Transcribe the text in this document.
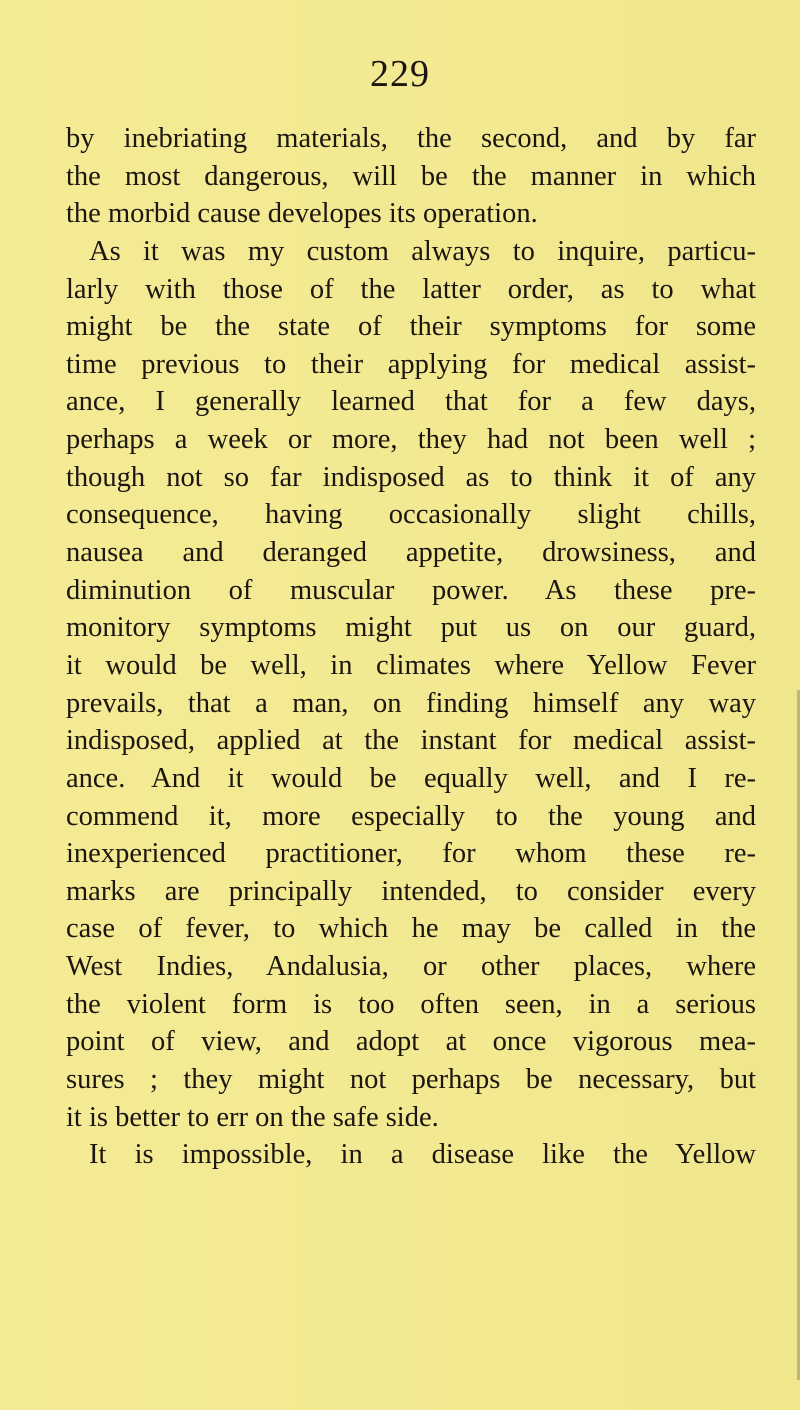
229
by inebriating materials, the second, and by far
the most dangerous, will be the manner in which
the morbid cause developes its operation.
As it was my custom always to inquire, particu-
larly with those of the latter order, as to what
might be the state of their symptoms for some
time previous to their applying for medical assist-
ance, I generally learned that for a few days,
perhaps a week or more, they had not been well ;
though not so far indisposed as to think it of any
consequence, having occasionally slight chills,
nausea and deranged appetite, drowsiness, and
diminution of muscular power. As these pre-
monitory symptoms might put us on our guard,
it would be well, in climates where Yellow Fever
prevails, that a man, on finding himself any way
indisposed, applied at the instant for medical assist-
ance. And it would be equally well, and I re-
commend it, more especially to the young and
inexperienced practitioner, for whom these re-
marks are principally intended, to consider every
case of fever, to which he may be called in the
West Indies, Andalusia, or other places, where
the violent form is too often seen, in a serious
point of view, and adopt at once vigorous mea-
sures ; they might not perhaps be necessary, but
it is better to err on the safe side.
It is impossible, in a disease like the Yellow
